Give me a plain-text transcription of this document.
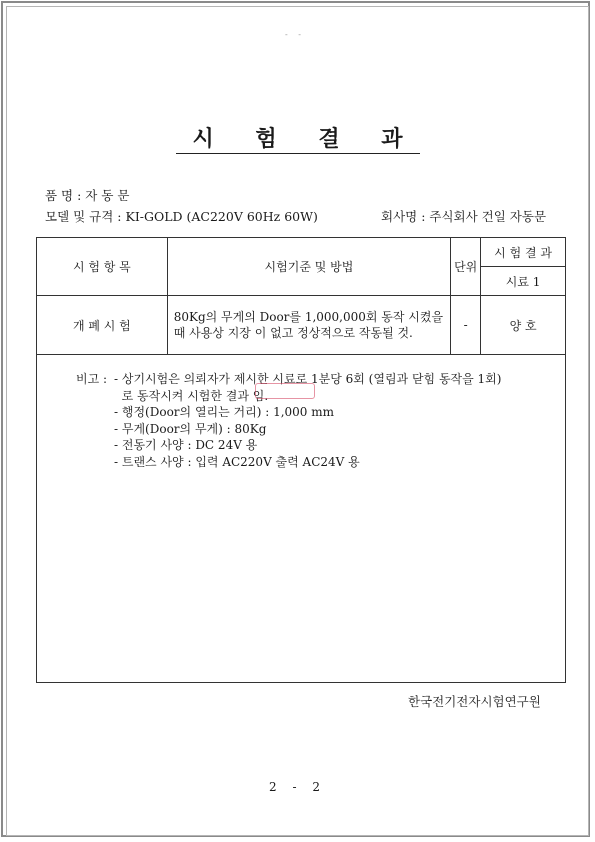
- -
시 험 결 과
품 명 : 자 동 문
모델 및 규격 : KI-GOLD (AC220V 60Hz 60W)	회사명 : 주식회사 건일 자동문
시 험 항 목	시험기준 및 방법	단위	시 험 결 과
			시료 1
개 폐 시 험	80Kg의 무게의 Door를 1,000,000회 동작 시켰을 때 사용상 지장 이 없고 정상적으로 작동될 것.	-	양 호
비고 : - 상기시험은 의뢰자가 제시한 시료로 1분당 6회 (열림과 닫힘 동작을 1회)
로 동작시켜 시험한 결과 임.
- 행정(Door의 열리는 거리) : 1,000 mm
- 무게(Door의 무게) : 80Kg
- 전동기 사양 : DC 24V 용
- 트랜스 사양 : 입력 AC220V 출력 AC24V 용
한국전기전자시험연구원
2 - 2
